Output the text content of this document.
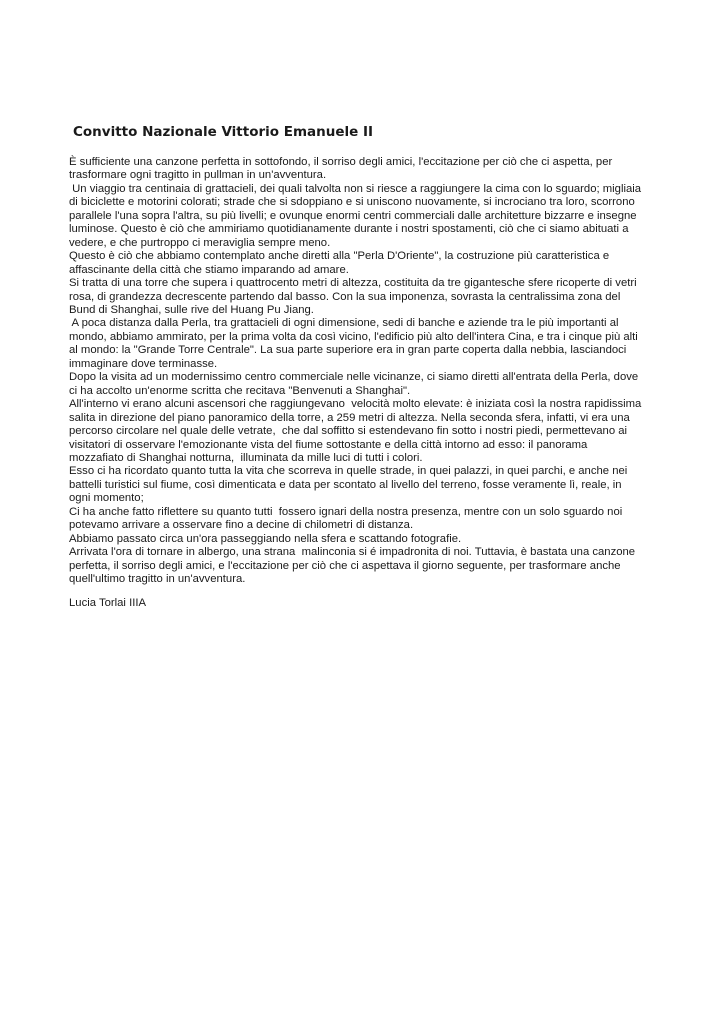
Convitto Nazionale Vittorio Emanuele II
È sufficiente una canzone perfetta in sottofondo, il sorriso degli amici, l'eccitazione per ciò che ci aspetta, per
trasformare ogni tragitto in pullman in un'avventura.
Un viaggio tra centinaia di grattacieli, dei quali talvolta non si riesce a raggiungere la cima con lo sguardo; migliaia
di biciclette e motorini colorati; strade che si sdoppiano e si uniscono nuovamente, si incrociano tra loro, scorrono
parallele l'una sopra l'altra, su più livelli; e ovunque enormi centri commerciali dalle architetture bizzarre e insegne
luminose. Questo è ciò che ammiriamo quotidianamente durante i nostri spostamenti, ciò che ci siamo abituati a
vedere, e che purtroppo ci meraviglia sempre meno.
Questo è ciò che abbiamo contemplato anche diretti alla "Perla D'Oriente", la costruzione più caratteristica e
affascinante della città che stiamo imparando ad amare.
Si tratta di una torre che supera i quattrocento metri di altezza, costituita da tre gigantesche sfere ricoperte di vetri
rosa, di grandezza decrescente partendo dal basso. Con la sua imponenza, sovrasta la centralissima zona del
Bund di Shanghai, sulle rive del Huang Pu Jiang.
A poca distanza dalla Perla, tra grattacieli di ogni dimensione, sedi di banche e aziende tra le più importanti al
mondo, abbiamo ammirato, per la prima volta da così vicino, l'edificio più alto dell'intera Cina, e tra i cinque più alti
al mondo: la "Grande Torre Centrale". La sua parte superiore era in gran parte coperta dalla nebbia, lasciandoci
immaginare dove terminasse.
Dopo la visita ad un modernissimo centro commerciale nelle vicinanze, ci siamo diretti all'entrata della Perla, dove
ci ha accolto un'enorme scritta che recitava "Benvenuti a Shanghai".
All'interno vi erano alcuni ascensori che raggiungevano  velocità molto elevate: è iniziata così la nostra rapidissima
salita in direzione del piano panoramico della torre, a 259 metri di altezza. Nella seconda sfera, infatti, vi era una
percorso circolare nel quale delle vetrate,  che dal soffitto si estendevano fin sotto i nostri piedi, permettevano ai
visitatori di osservare l'emozionante vista del fiume sottostante e della città intorno ad esso: il panorama
mozzafiato di Shanghai notturna,  illuminata da mille luci di tutti i colori.
Esso ci ha ricordato quanto tutta la vita che scorreva in quelle strade, in quei palazzi, in quei parchi, e anche nei
battelli turistici sul fiume, così dimenticata e data per scontato al livello del terreno, fosse veramente lì, reale, in
ogni momento;
Ci ha anche fatto riflettere su quanto tutti  fossero ignari della nostra presenza, mentre con un solo sguardo noi
potevamo arrivare a osservare fino a decine di chilometri di distanza.
Abbiamo passato circa un'ora passeggiando nella sfera e scattando fotografie.
Arrivata l'ora di tornare in albergo, una strana  malinconia si é impadronita di noi. Tuttavia, è bastata una canzone
perfetta, il sorriso degli amici, e l'eccitazione per ciò che ci aspettava il giorno seguente, per trasformare anche
quell'ultimo tragitto in un'avventura.
Lucia Torlai IIIA
